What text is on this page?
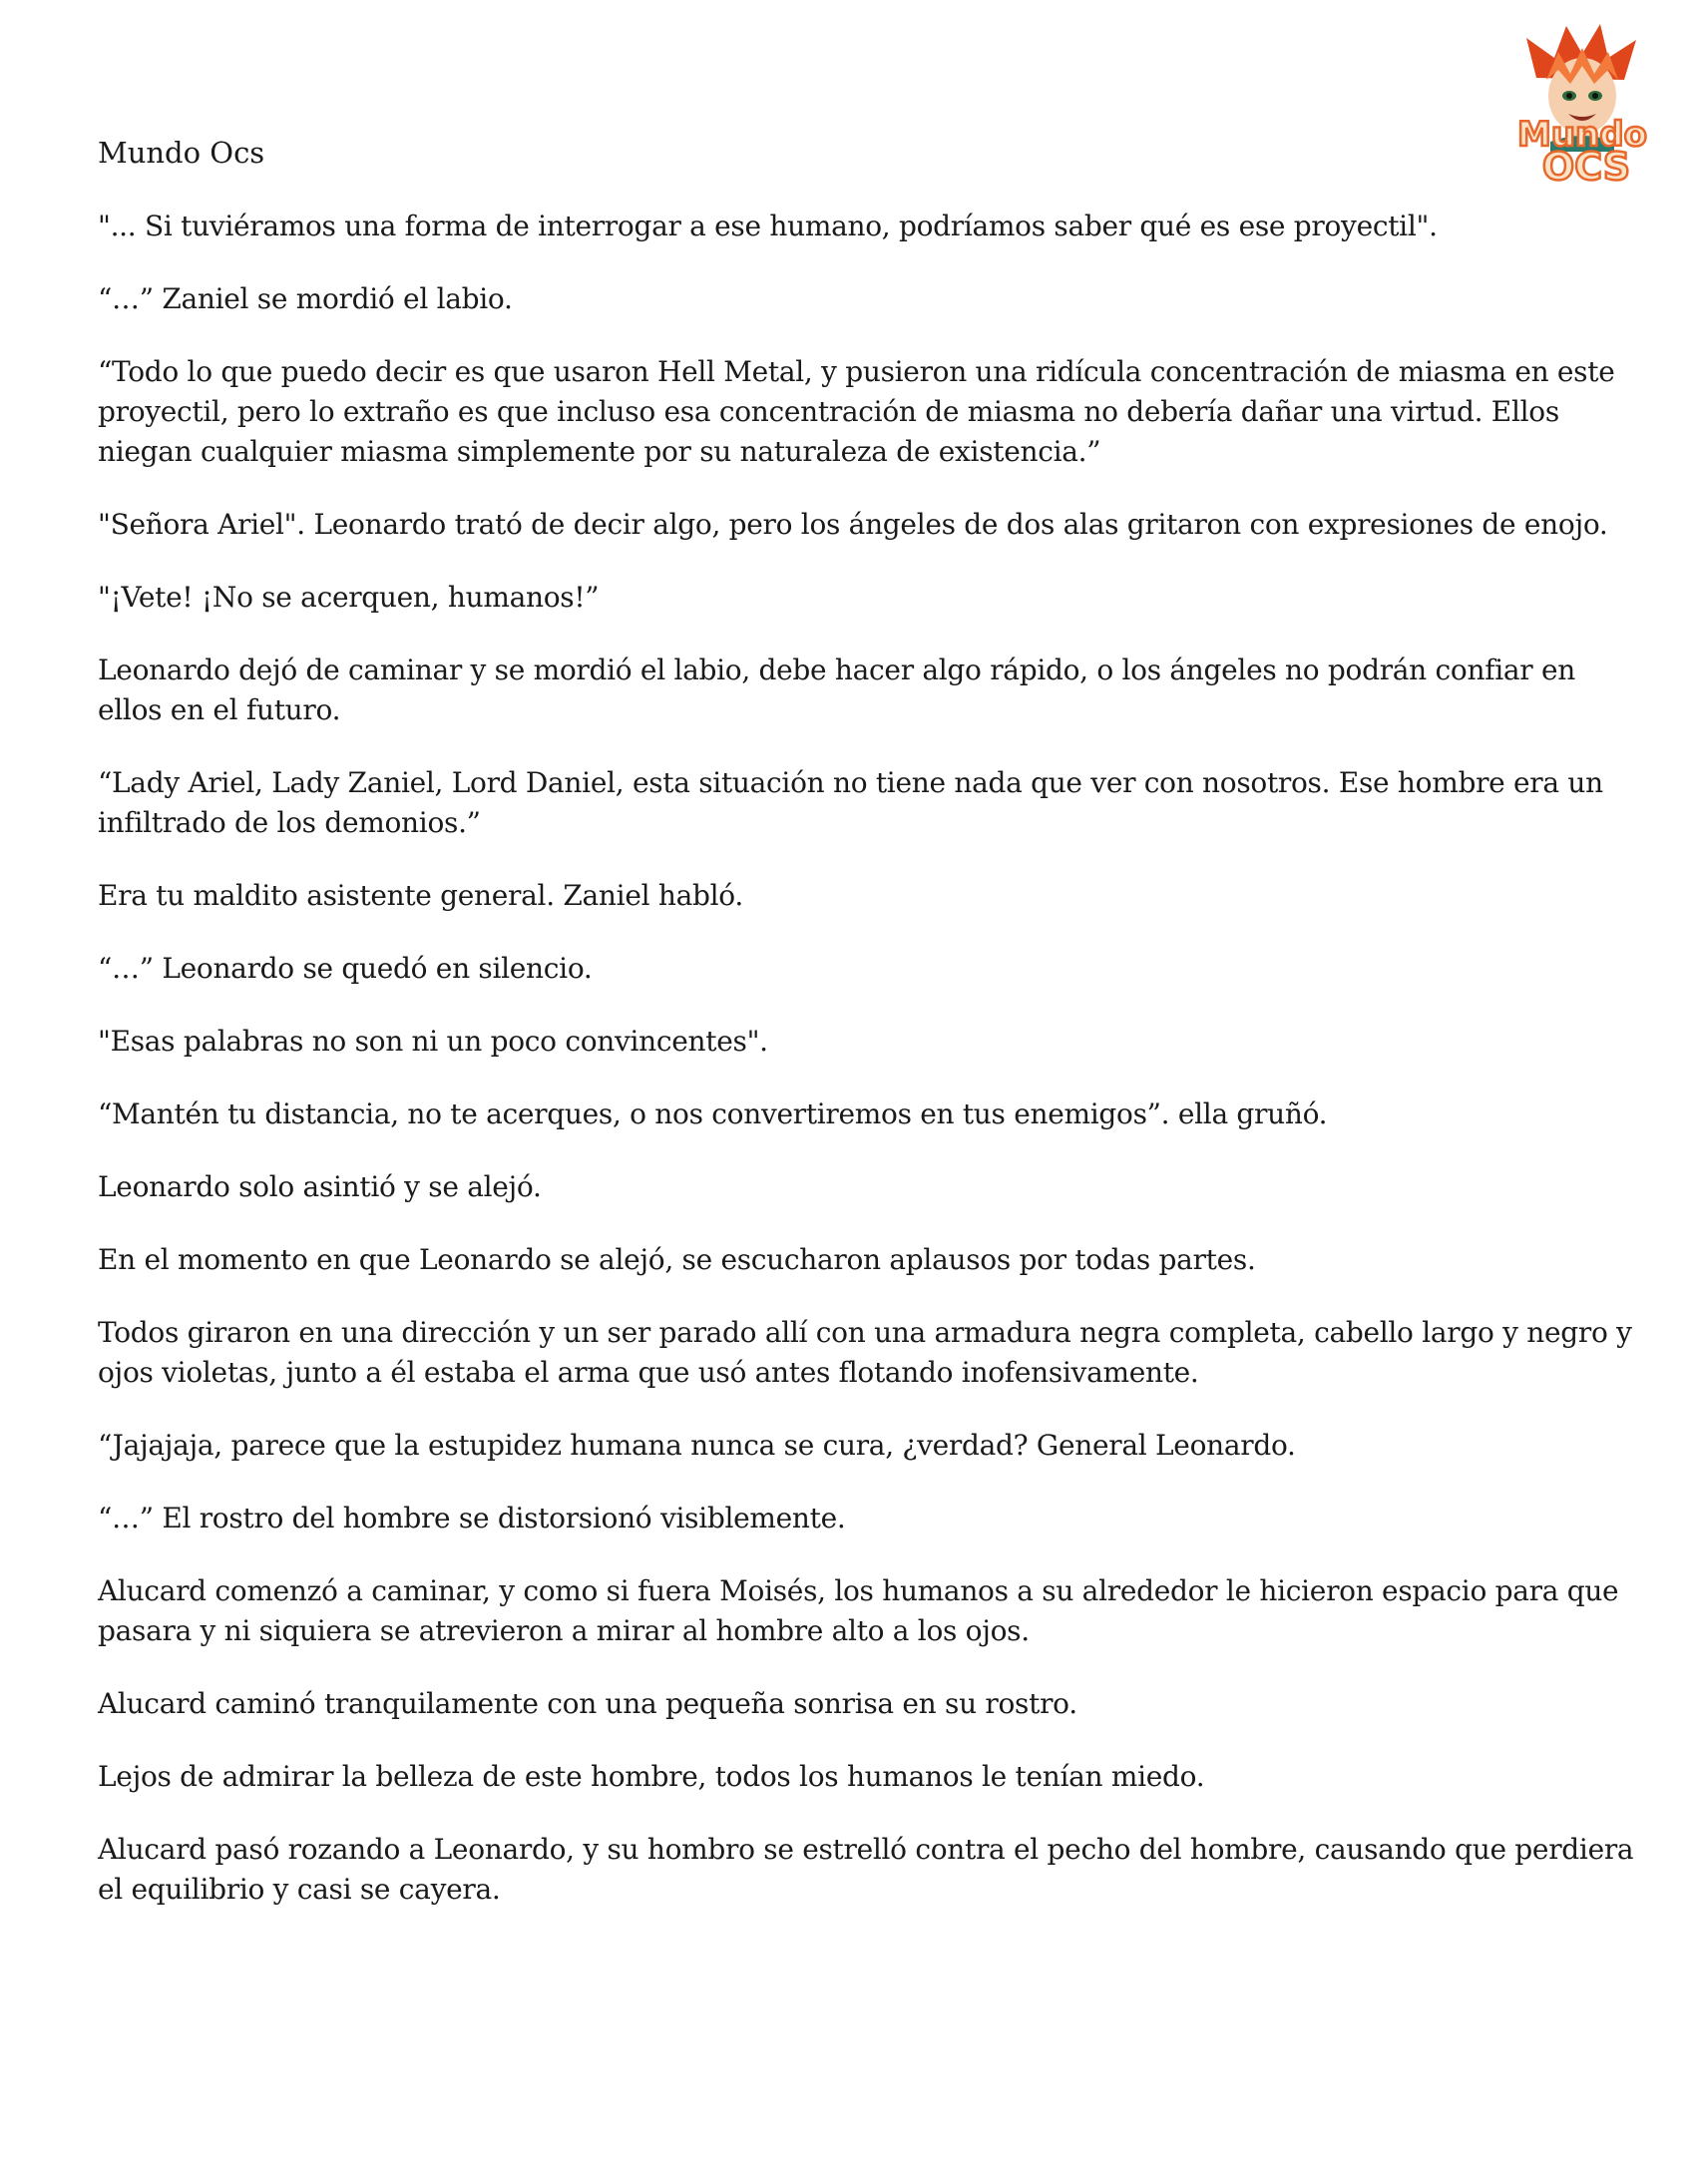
Mundo
OCS
Mundo Ocs

"... Si tuviéramos una forma de interrogar a ese humano, podríamos saber qué es ese proyectil".

“…” Zaniel se mordió el labio.

“Todo lo que puedo decir es que usaron Hell Metal, y pusieron una ridícula concentración de miasma en este proyectil, pero lo extraño es que incluso esa concentración de miasma no debería dañar una virtud. Ellos niegan cualquier miasma simplemente por su naturaleza de existencia.”

"Señora Ariel". Leonardo trató de decir algo, pero los ángeles de dos alas gritaron con expresiones de enojo.

"¡Vete! ¡No se acerquen, humanos!”

Leonardo dejó de caminar y se mordió el labio, debe hacer algo rápido, o los ángeles no podrán confiar en ellos en el futuro.

“Lady Ariel, Lady Zaniel, Lord Daniel, esta situación no tiene nada que ver con nosotros. Ese hombre era un infiltrado de los demonios.”

Era tu maldito asistente general. Zaniel habló.

“…” Leonardo se quedó en silencio.

"Esas palabras no son ni un poco convincentes".

“Mantén tu distancia, no te acerques, o nos convertiremos en tus enemigos”. ella gruñó.

Leonardo solo asintió y se alejó.

En el momento en que Leonardo se alejó, se escucharon aplausos por todas partes.

Todos giraron en una dirección y un ser parado allí con una armadura negra completa, cabello largo y negro y ojos violetas, junto a él estaba el arma que usó antes flotando inofensivamente.

“Jajajaja, parece que la estupidez humana nunca se cura, ¿verdad? General Leonardo.

“…” El rostro del hombre se distorsionó visiblemente.

Alucard comenzó a caminar, y como si fuera Moisés, los humanos a su alrededor le hicieron espacio para que pasara y ni siquiera se atrevieron a mirar al hombre alto a los ojos.

Alucard caminó tranquilamente con una pequeña sonrisa en su rostro.

Lejos de admirar la belleza de este hombre, todos los humanos le tenían miedo.

Alucard pasó rozando a Leonardo, y su hombro se estrelló contra el pecho del hombre, causando que perdiera el equilibrio y casi se cayera.
